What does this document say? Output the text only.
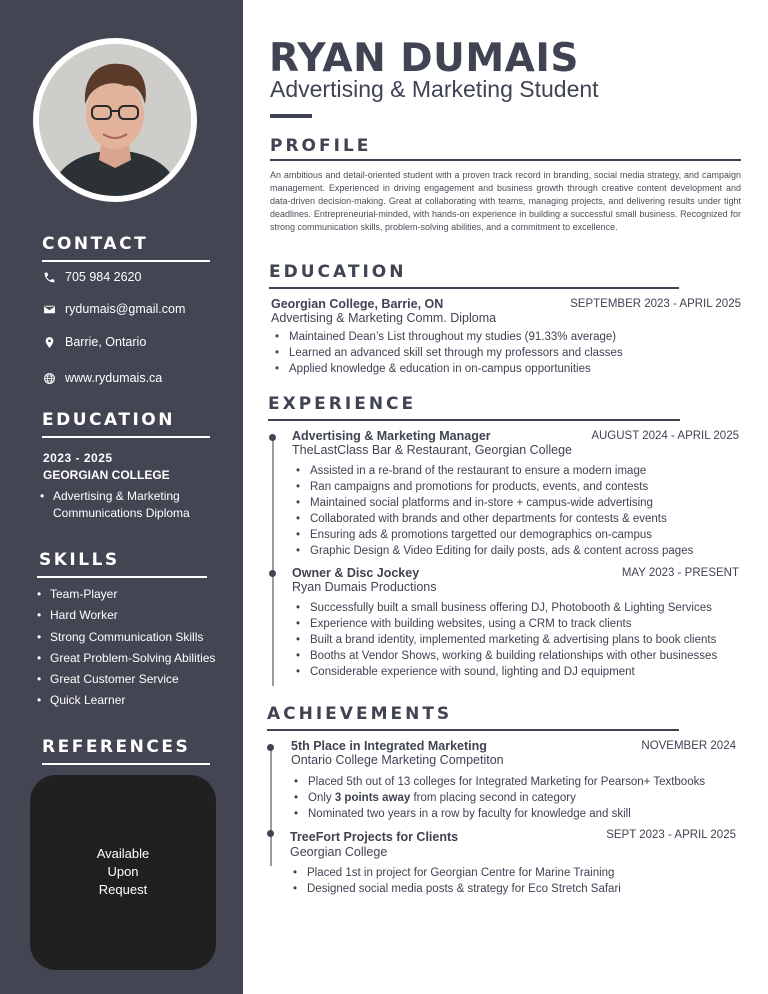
CONTACT
705 984 2620
rydumais@gmail.com
Barrie, Ontario
www.rydumais.ca
EDUCATION
2023 - 2025
GEORGIAN COLLEGE
• Advertising & Marketing Communications Diploma
SKILLS
• Team-Player
• Hard Worker
• Strong Communication Skills
• Great Problem-Solving Abilities
• Great Customer Service
• Quick Learner
REFERENCES
Available
Upon
Request
RYAN DUMAIS
Advertising & Marketing Student
PROFILE
An ambitious and detail-oriented student with a proven track record in branding, social media strategy, and campaign management. Experienced in driving engagement and business growth through creative content development and data-driven decision-making. Great at collaborating with teams, managing projects, and delivering results under tight deadlines. Entrepreneurial-minded, with hands-on experience in building a successful small business. Recognized for strong communication skills, problem-solving abilities, and a commitment to excellence.
EDUCATION
Georgian College, Barrie, ON	SEPTEMBER 2023 - APRIL 2025
Advertising & Marketing Comm. Diploma
• Maintained Dean’s List throughout my studies (91.33% average)
• Learned an advanced skill set through my professors and classes
• Applied knowledge & education in on-campus opportunities
EXPERIENCE
Advertising & Marketing Manager	AUGUST 2024 - APRIL 2025
TheLastClass Bar & Restaurant, Georgian College
• Assisted in a re-brand of the restaurant to ensure a modern image
• Ran campaigns and promotions for products, events, and contests
• Maintained social platforms and in-store + campus-wide advertising
• Collaborated with brands and other departments for contests & events
• Ensuring ads & promotions targetted our demographics on-campus
• Graphic Design & Video Editing for daily posts, ads & content across pages
Owner & Disc Jockey	MAY 2023 - PRESENT
Ryan Dumais Productions
• Successfully built a small business offering DJ, Photobooth & Lighting Services
• Experience with building websites, using a CRM to track clients
• Built a brand identity, implemented marketing & advertising plans to book clients
• Booths at Vendor Shows, working & building relationships with other businesses
• Considerable experience with sound, lighting and DJ equipment
ACHIEVEMENTS
5th Place in Integrated Marketing	NOVEMBER 2024
Ontario College Marketing Competiton
• Placed 5th out of 13 colleges for Integrated Marketing for Pearson+ Textbooks
• Only 3 points away from placing second in category
• Nominated two years in a row by faculty for knowledge and skill
TreeFort Projects for Clients	SEPT 2023 - APRIL 2025
Georgian College
• Placed 1st in project for Georgian Centre for Marine Training
• Designed social media posts & strategy for Eco Stretch Safari
